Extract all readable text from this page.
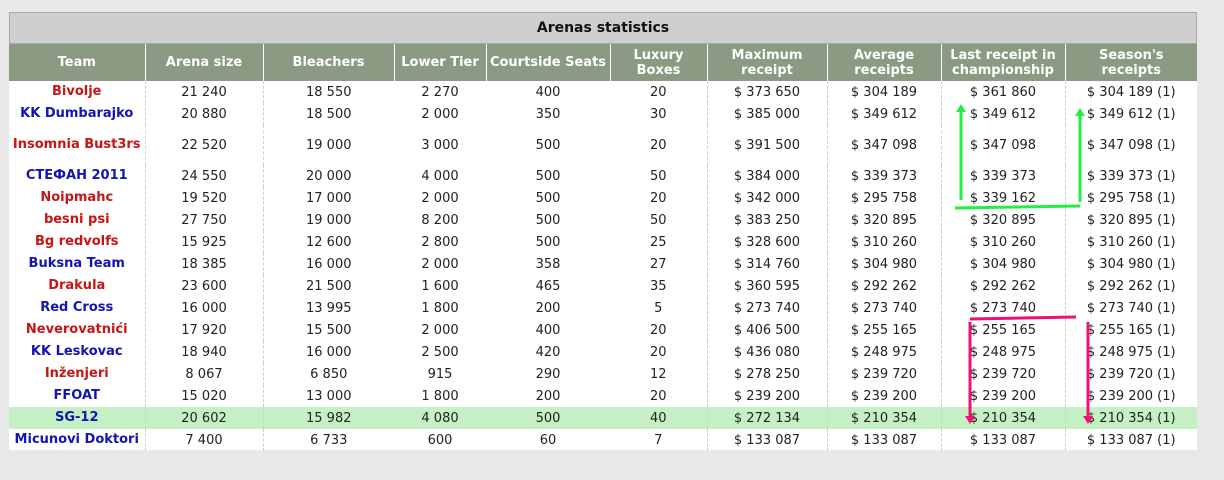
Arenas statistics
Team	Arena size	Bleachers	Lower Tier	Courtside Seats	Luxury Boxes	Maximum receipt	Average receipts	Last receipt in championship	Season's receipts
Bivolje	21 240	18 550	2 270	400	20	$ 373 650	$ 304 189	$ 361 860	$ 304 189 (1)
KK Dumbarajko	20 880	18 500	2 000	350	30	$ 385 000	$ 349 612	$ 349 612	$ 349 612 (1)
Insomnia Bust3rs	22 520	19 000	3 000	500	20	$ 391 500	$ 347 098	$ 347 098	$ 347 098 (1)
СТЕФАН 2011	24 550	20 000	4 000	500	50	$ 384 000	$ 339 373	$ 339 373	$ 339 373 (1)
Noipmahc	19 520	17 000	2 000	500	20	$ 342 000	$ 295 758	$ 339 162	$ 295 758 (1)
besni psi	27 750	19 000	8 200	500	50	$ 383 250	$ 320 895	$ 320 895	$ 320 895 (1)
Bg redvolfs	15 925	12 600	2 800	500	25	$ 328 600	$ 310 260	$ 310 260	$ 310 260 (1)
Buksna Team	18 385	16 000	2 000	358	27	$ 314 760	$ 304 980	$ 304 980	$ 304 980 (1)
Drakula	23 600	21 500	1 600	465	35	$ 360 595	$ 292 262	$ 292 262	$ 292 262 (1)
Red Cross	16 000	13 995	1 800	200	5	$ 273 740	$ 273 740	$ 273 740	$ 273 740 (1)
Neverovatnići	17 920	15 500	2 000	400	20	$ 406 500	$ 255 165	$ 255 165	$ 255 165 (1)
KK Leskovac	18 940	16 000	2 500	420	20	$ 436 080	$ 248 975	$ 248 975	$ 248 975 (1)
Inženjeri	8 067	6 850	915	290	12	$ 278 250	$ 239 720	$ 239 720	$ 239 720 (1)
FFOAT	15 020	13 000	1 800	200	20	$ 239 200	$ 239 200	$ 239 200	$ 239 200 (1)
SG-12	20 602	15 982	4 080	500	40	$ 272 134	$ 210 354	$ 210 354	$ 210 354 (1)
Micunovi Doktori	7 400	6 733	600	60	7	$ 133 087	$ 133 087	$ 133 087	$ 133 087 (1)
